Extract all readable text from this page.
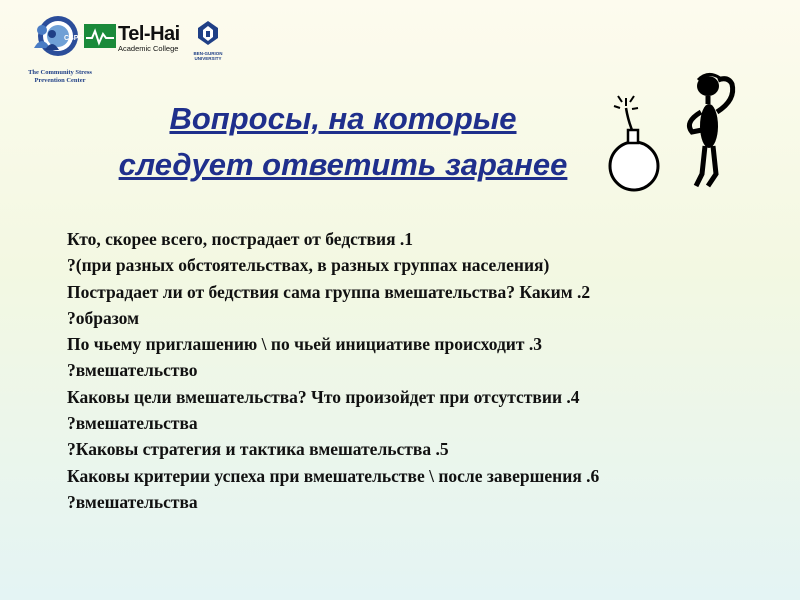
CSPC
The Community Stress
Prevention Center
Tel-Hai
Academic College
BEN-GURION
UNIVERSITY
Вопросы, на которые
следует ответить заранее
Кто, скорее всего, пострадает от бедствия .1
?(при разных обстоятельствах, в разных группах населения)
Пострадает ли от бедствия сама группа вмешательства? Каким .2
?образом
По чьему приглашению \ по чьей инициативе происходит .3
?вмешательство
Каковы цели вмешательства? Что произойдет при отсутствии .4
?вмешательства
?Каковы стратегия и тактика вмешательства .5
Каковы критерии успеха при вмешательстве \ после завершения .6
?вмешательства
